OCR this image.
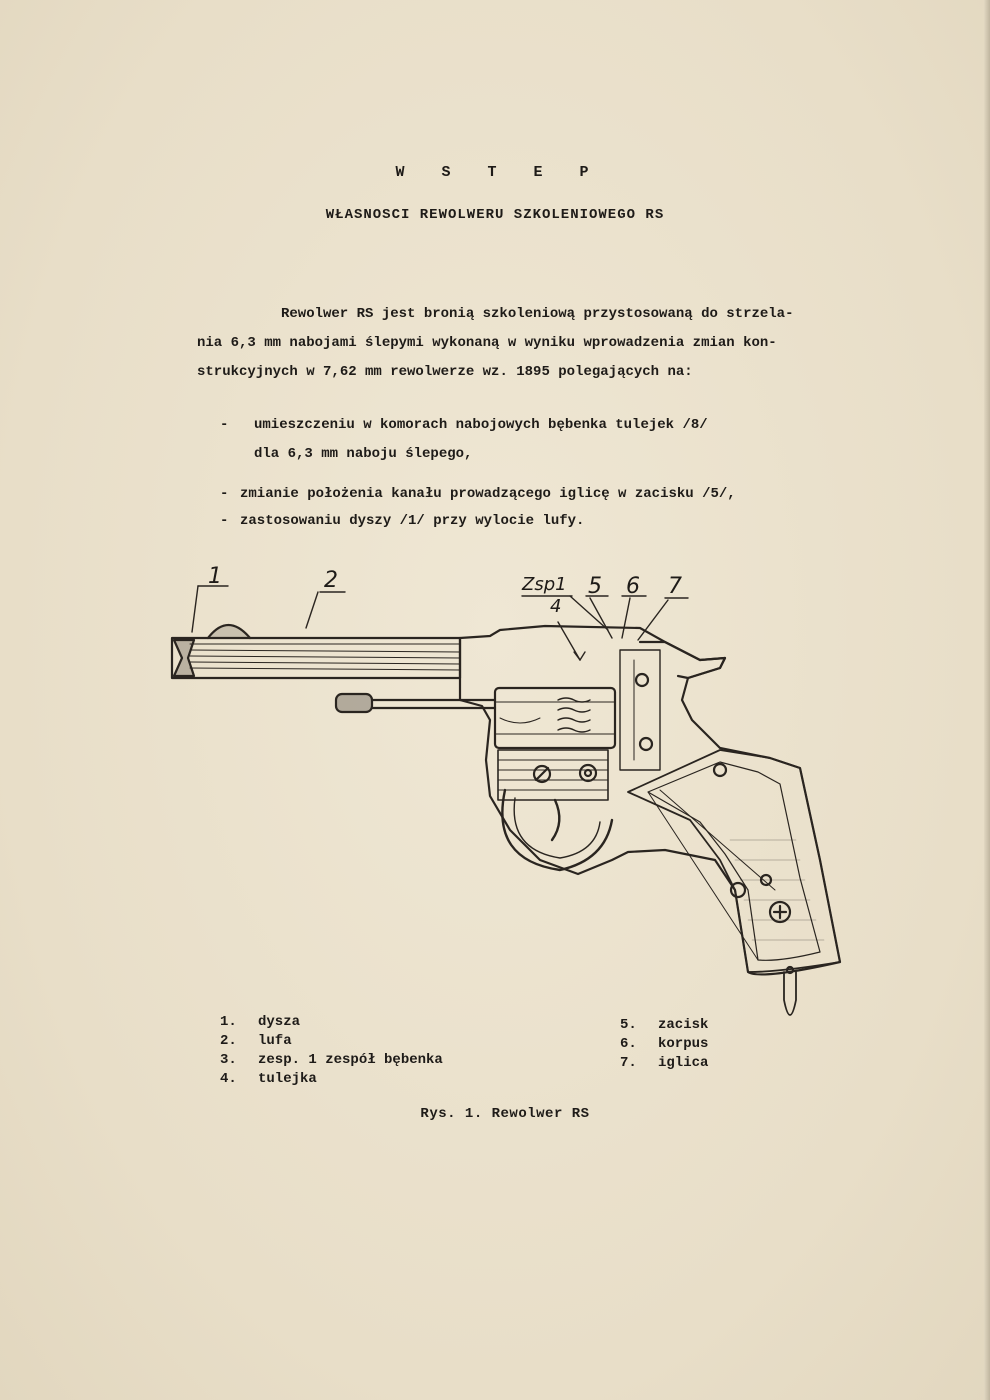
W S T E P
WŁASNOSCI REWOLWERU SZKOLENIOWEGO RS
Rewolwer RS jest bronią szkoleniową przystosowaną do strzela-
nia 6,3 mm nabojami ślepymi wykonaną w wyniku wprowadzenia zmian kon-
strukcyjnych w 7,62 mm rewolwerze wz. 1895 polegających na:
- umieszczeniu w komorach nabojowych bębenka tulejek /8/
dla 6,3 mm naboju ślepego,
- zmianie położenia kanału prowadzącego iglicę w zacisku /5/,
- zastosowaniu dyszy /1/ przy wylocie lufy.
1	2	Zsp1
4
5 6 7
1. dysza
2. lufa
3. zesp. 1 zespół bębenka
4. tulejka
5. zacisk
6. korpus
7. iglica
Rys. 1. Rewolwer RS
